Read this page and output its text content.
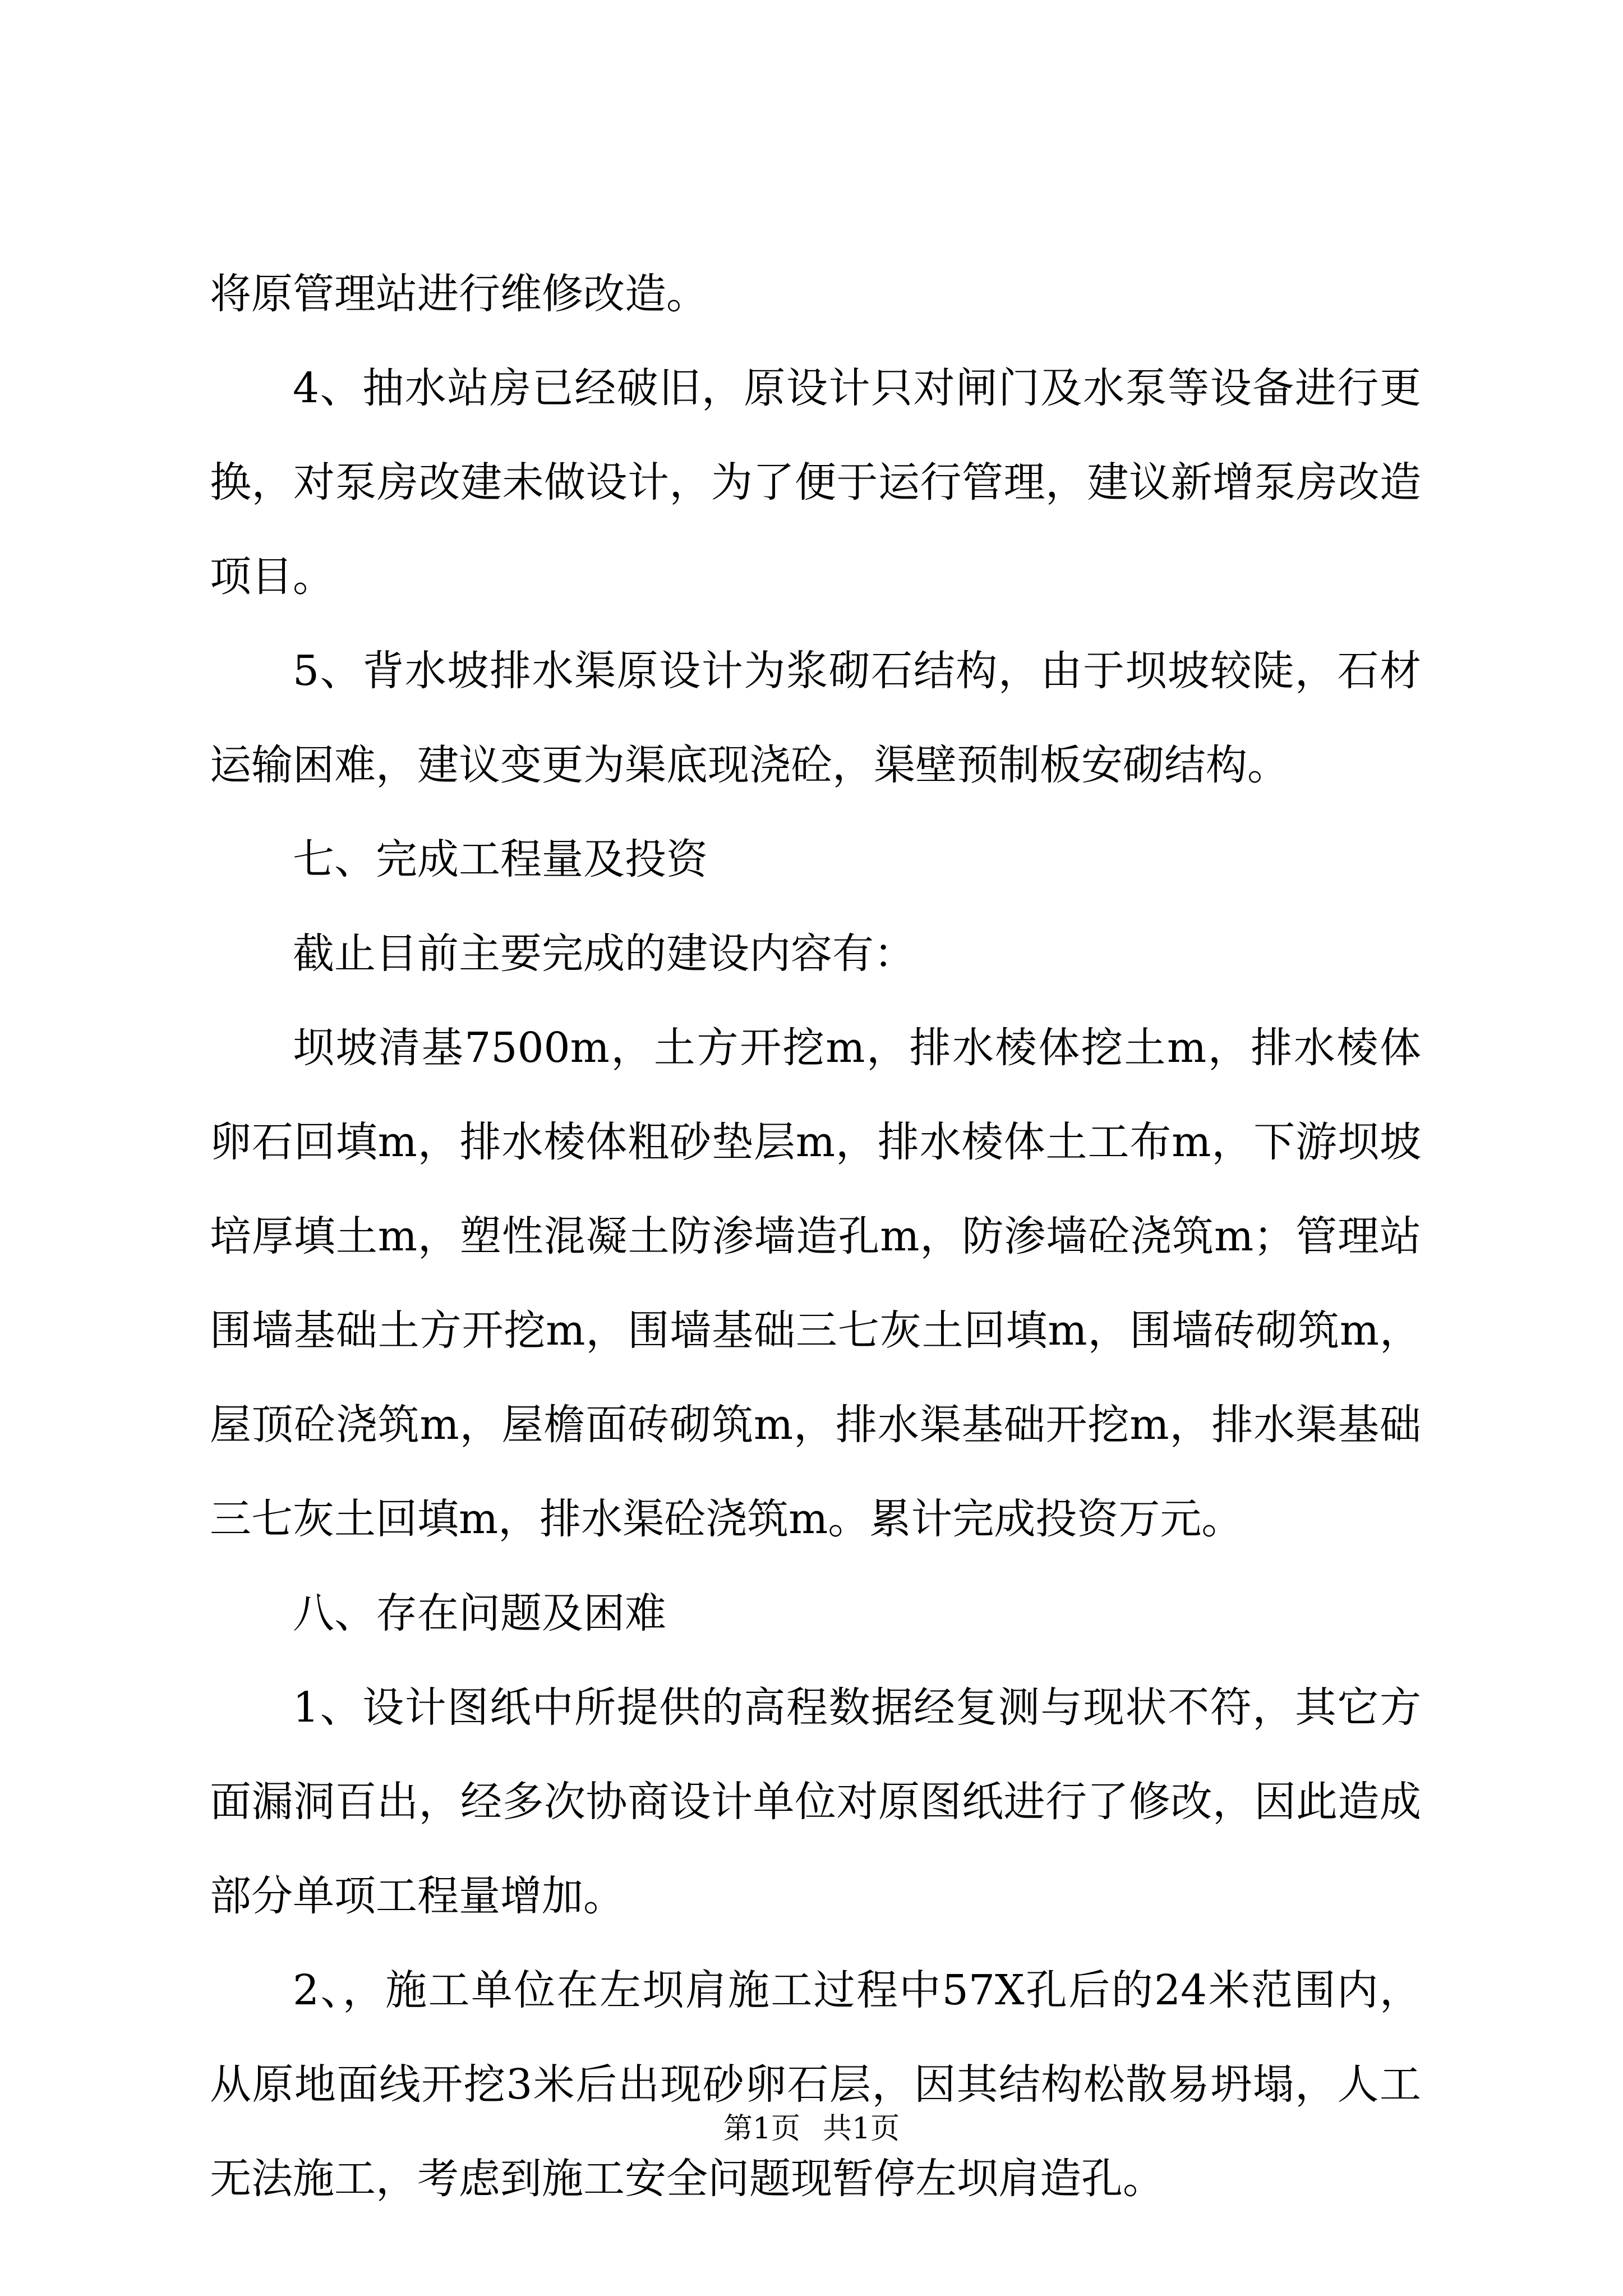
将原管理站进行维修改造。

4、抽水站房已经破旧，原设计只对闸门及水泵等设备进行更换，对泵房改建未做设计，为了便于运行管理，建议新增泵房改造项目。

5、背水坡排水渠原设计为浆砌石结构，由于坝坡较陡，石材运输困难，建议变更为渠底现浇砼，渠壁预制板安砌结构。

七、完成工程量及投资

截止目前主要完成的建设内容有：

坝坡清基7500m，土方开挖m，排水棱体挖土m，排水棱体卵石回填m，排水棱体粗砂垫层m，排水棱体土工布m，下游坝坡培厚填土m，塑性混凝土防渗墙造孔m，防渗墙砼浇筑m；管理站围墙基础土方开挖m，围墙基础三七灰土回填m，围墙砖砌筑m，屋顶砼浇筑m，屋檐面砖砌筑m，排水渠基础开挖m，排水渠基础三七灰土回填m，排水渠砼浇筑m。累计完成投资万元。

八、存在问题及困难

1、设计图纸中所提供的高程数据经复测与现状不符，其它方面漏洞百出，经多次协商设计单位对原图纸进行了修改，因此造成部分单项工程量增加。

2、，施工单位在左坝肩施工过程中57X孔后的24米范围内，从原地面线开挖3米后出现砂卵石层，因其结构松散易坍塌，人工无法施工，考虑到施工安全问题现暂停左坝肩造孔。

第1页 共1页
